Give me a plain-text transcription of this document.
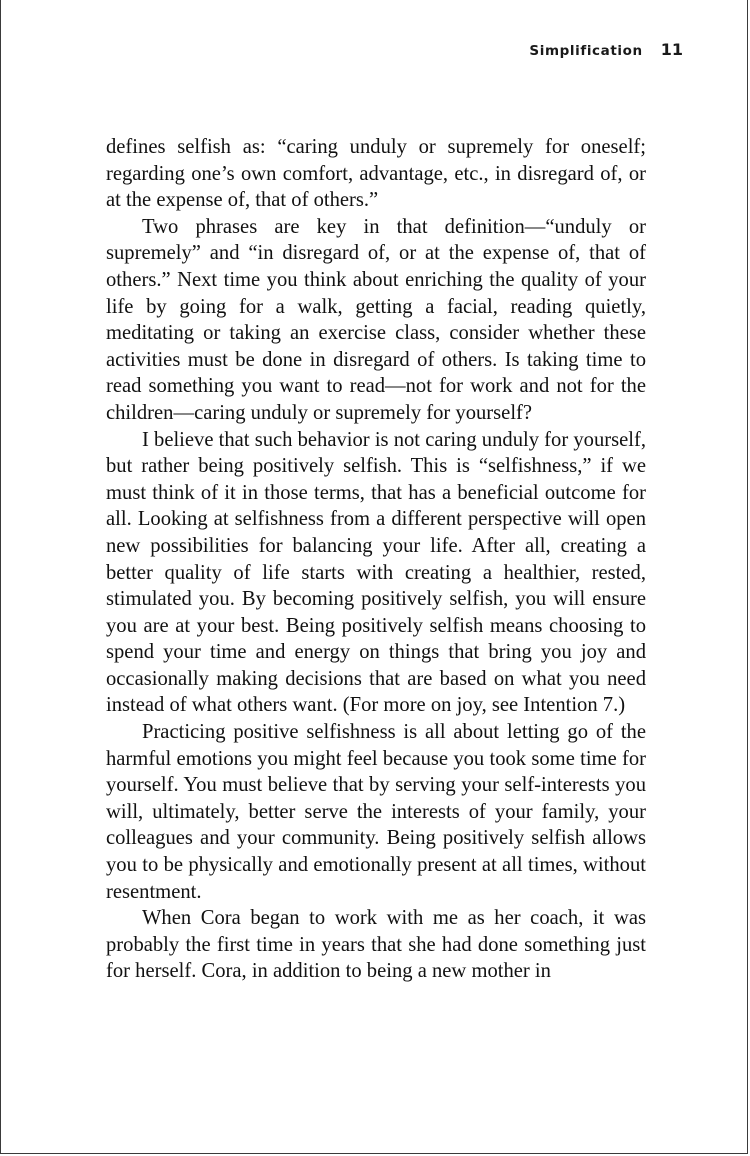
Simplification 11

defines selfish as: “caring unduly or supremely for oneself; regarding one’s own comfort, advantage, etc., in disregard of, or at the expense of, that of others.”

Two phrases are key in that definition—“unduly or supremely” and “in disregard of, or at the expense of, that of others.” Next time you think about enriching the quality of your life by going for a walk, getting a facial, reading quietly, meditating or taking an exercise class, consider whether these activities must be done in disregard of others. Is taking time to read something you want to read—not for work and not for the children—caring unduly or supremely for yourself?

I believe that such behavior is not caring unduly for yourself, but rather being positively selfish. This is “selfishness,” if we must think of it in those terms, that has a beneficial outcome for all. Looking at selfishness from a different perspective will open new possibilities for balancing your life. After all, creating a better quality of life starts with creating a healthier, rested, stimulated you. By becoming positively selfish, you will ensure you are at your best. Being positively selfish means choosing to spend your time and energy on things that bring you joy and occasionally making decisions that are based on what you need instead of what others want. (For more on joy, see Intention 7.)

Practicing positive selfishness is all about letting go of the harmful emotions you might feel because you took some time for yourself. You must believe that by serving your self-interests you will, ultimately, better serve the interests of your family, your colleagues and your community. Being positively selfish allows you to be physically and emotionally present at all times, without resentment.

When Cora began to work with me as her coach, it was probably the first time in years that she had done something just for herself. Cora, in addition to being a new mother in
